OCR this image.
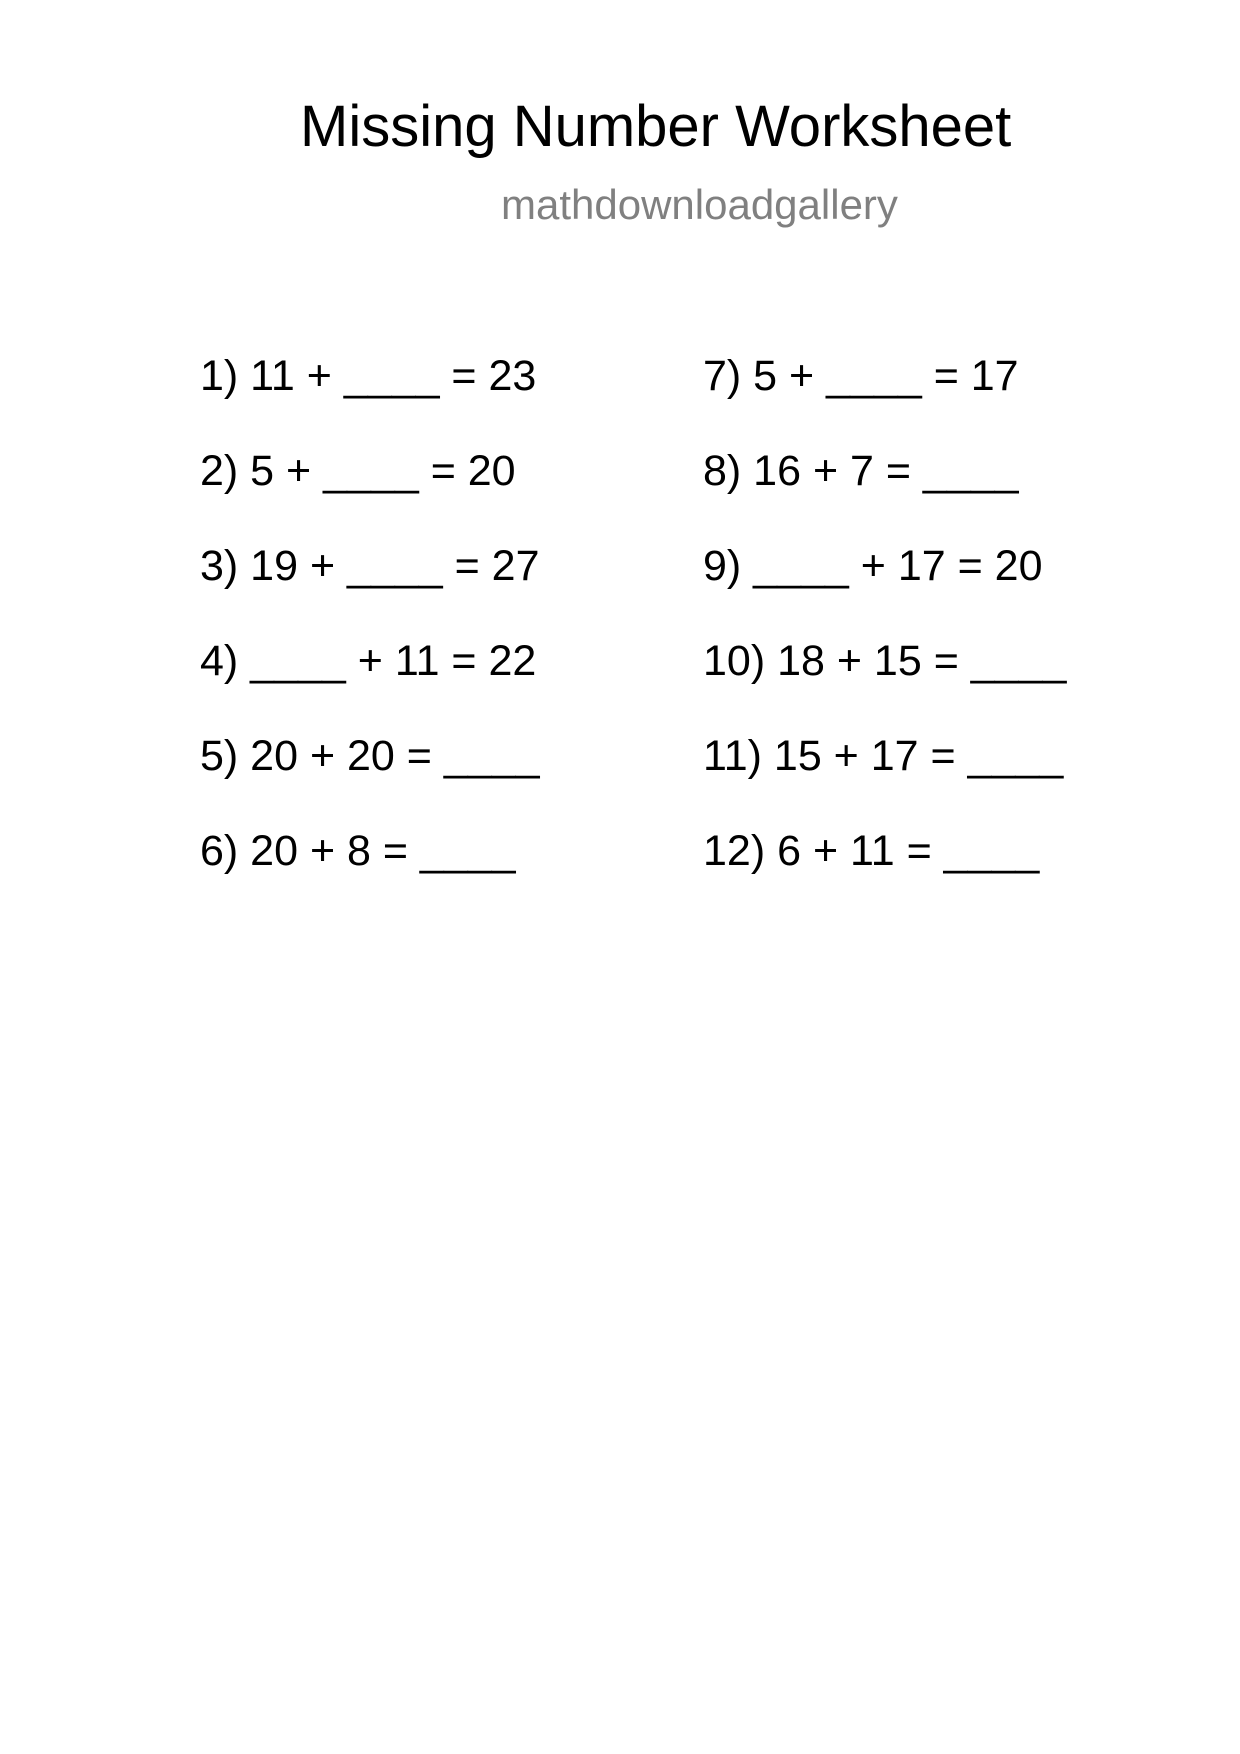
Missing Number Worksheet
mathdownloadgallery
1) 11 + ____ = 23
2) 5 + ____ = 20
3) 19 + ____ = 27
4) ____ + 11 = 22
5) 20 + 20 = ____
6) 20 + 8 = ____
7) 5 + ____ = 17
8) 16 + 7 = ____
9) ____ + 17 = 20
10) 18 + 15 = ____
11) 15 + 17 = ____
12) 6 + 11 = ____
